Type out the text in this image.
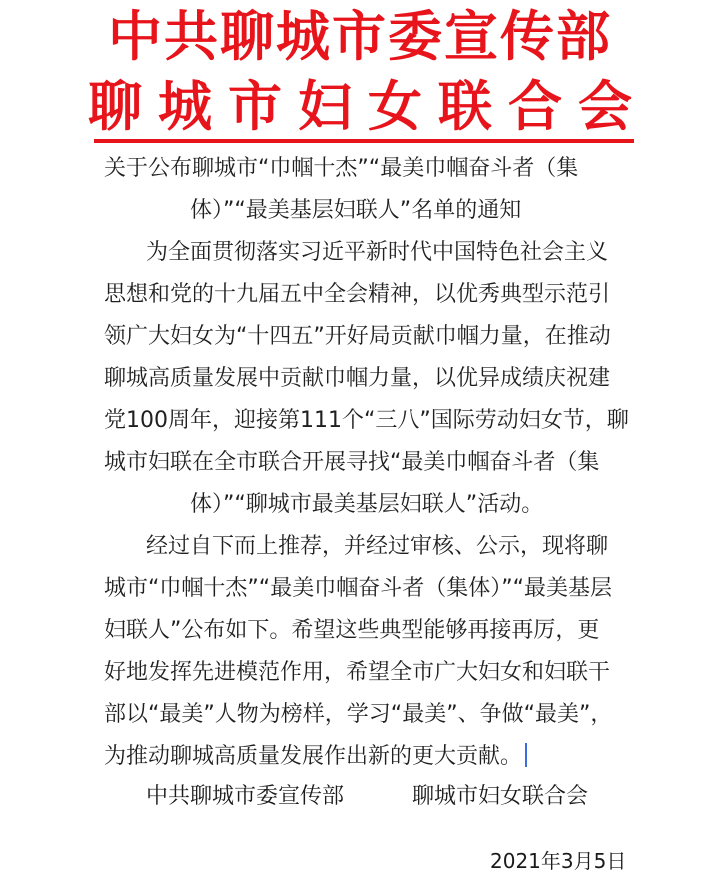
中共聊城市委宣传部
聊城市妇女联合会
关于公布聊城市“巾帼十杰”“最美巾帼奋斗者（集
体）”“最美基层妇联人”名单的通知
为全面贯彻落实习近平新时代中国特色社会主义
思想和党的十九届五中全会精神，以优秀典型示范引
领广大妇女为“十四五”开好局贡献巾帼力量，在推动
聊城高质量发展中贡献巾帼力量，以优异成绩庆祝建
党100周年，迎接第111个“三八”国际劳动妇女节，聊
城市妇联在全市联合开展寻找“最美巾帼奋斗者（集
体）”“聊城市最美基层妇联人”活动。
经过自下而上推荐，并经过审核、公示，现将聊
城市“巾帼十杰”“最美巾帼奋斗者（集体）”“最美基层
妇联人”公布如下。希望这些典型能够再接再厉，更
好地发挥先进模范作用，希望全市广大妇女和妇联干
部以“最美”人物为榜样，学习“最美”、争做“最美”，
为推动聊城高质量发展作出新的更大贡献。
中共聊城市委宣传部	聊城市妇女联合会
2021年3月5日
